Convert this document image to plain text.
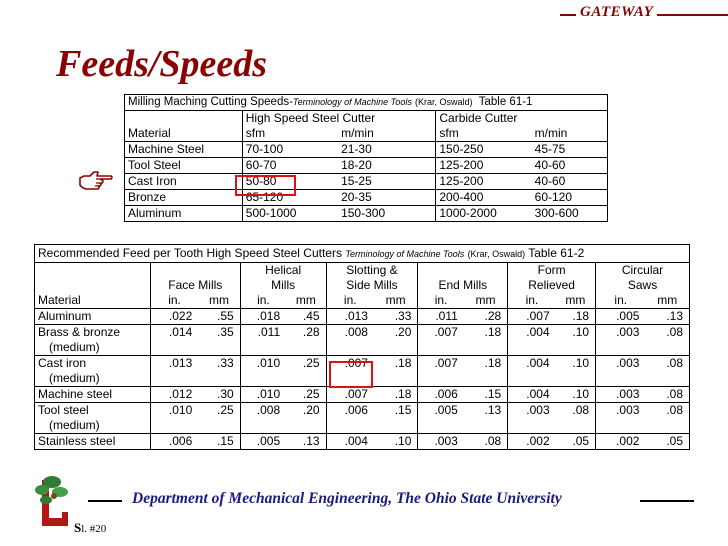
GATEWAY
Feeds/Speeds
Milling Maching Cutting Speeds-Terminology of Machine Tools (Krar, Oswald) Table 61-1				
	High Speed Steel Cutter		Carbide Cutter	
Material	sfm	m/min	sfm	m/min
Machine Steel	70-100	21-30	150-250	45-75
Tool Steel	60-70	18-20	125-200	40-60
Cast Iron	50-80	15-25	125-200	40-60
Bronze	65-120	20-35	200-400	60-120
Aluminum	500-1000	150-300	1000-2000	300-600
Recommended Feed per Tooth High Speed Steel Cutters Terminology of Machine Tools (Krar, Oswald) Table 61-2												
			Helical		Slotting &				Form		Circular	
	Face Mills		Mills		Side Mills		End Mills		Relieved		Saws	
Material	in.	mm	in.	mm	in.	mm	in.	mm	in.	mm	in.	mm
Aluminum	.022	.55	.018	.45	.013	.33	.011	.28	.007	.18	.005	.13
Brass & bronze	.014	.35	.011	.28	.008	.20	.007	.18	.004	.10	.003	.08
(medium)												
Cast iron	.013	.33	.010	.25	.007	.18	.007	.18	.004	.10	.003	.08
(medium)												
Machine steel	.012	.30	.010	.25	.007	.18	.006	.15	.004	.10	.003	.08
Tool steel	.010	.25	.008	.20	.006	.15	.005	.13	.003	.08	.003	.08
(medium)												
Stainless steel	.006	.15	.005	.13	.004	.10	.003	.08	.002	.05	.002	.05
Department of Mechanical Engineering, The Ohio State University
Sl. #20
